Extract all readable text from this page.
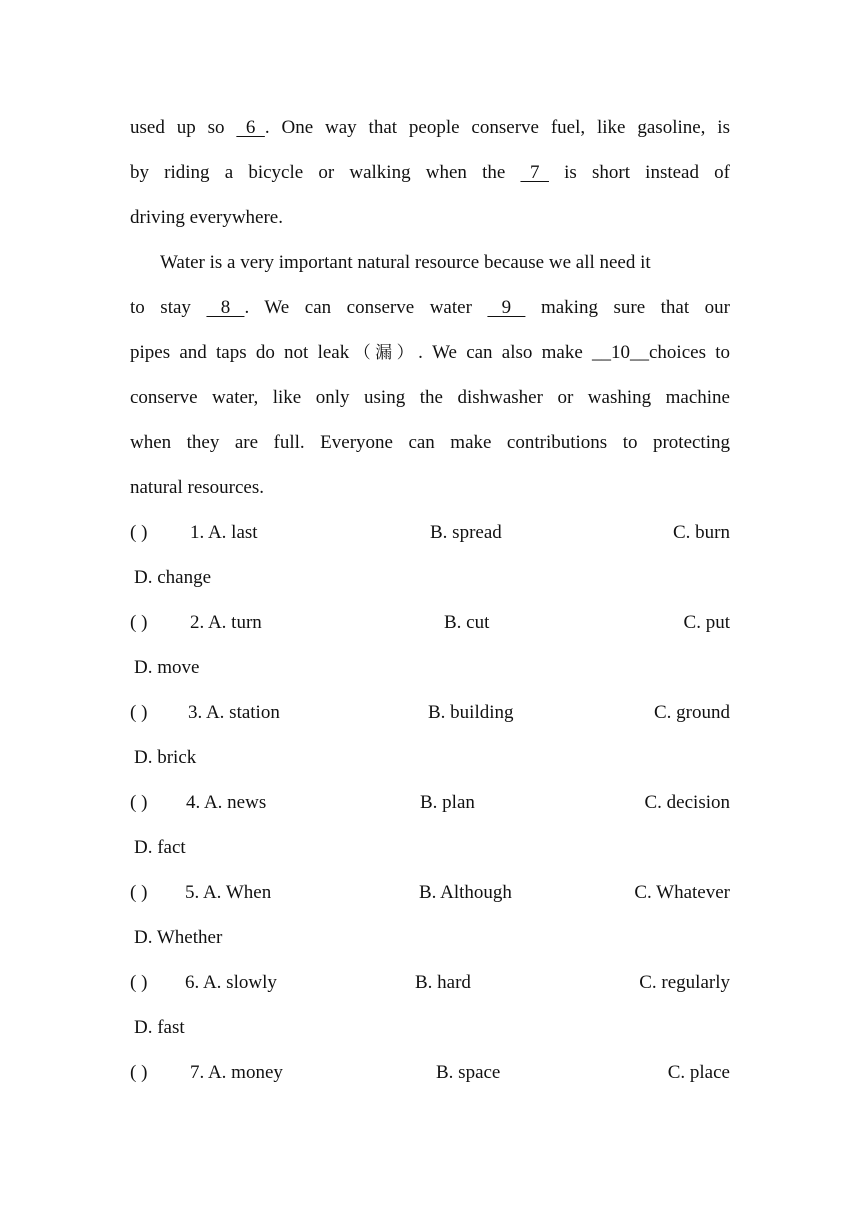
used up so   6  . One way that people conserve fuel, like gasoline, is
by riding a bicycle or walking when the   7   is short instead of
driving everywhere.
Water is a very important natural resource because we all need it
to stay    8   . We can conserve water    9    making sure that our
pipes and taps do not leak（漏）. We can also make __10__choices to
conserve water, like only using the dishwasher or washing machine
when they are full. Everyone can make contributions to protecting
natural resources.
( ) 1. A. last	B. spread	C. burn
D. change
( ) 2. A. turn	B. cut	C. put
D. move
( ) 3. A. station	B. building	C. ground
D. brick
( ) 4. A. news	B. plan	C. decision
D. fact
( ) 5. A. When	B. Although	C. Whatever
D. Whether
( ) 6. A. slowly	B. hard	C. regularly
D. fast
( ) 7. A. money	B. space	C. place
